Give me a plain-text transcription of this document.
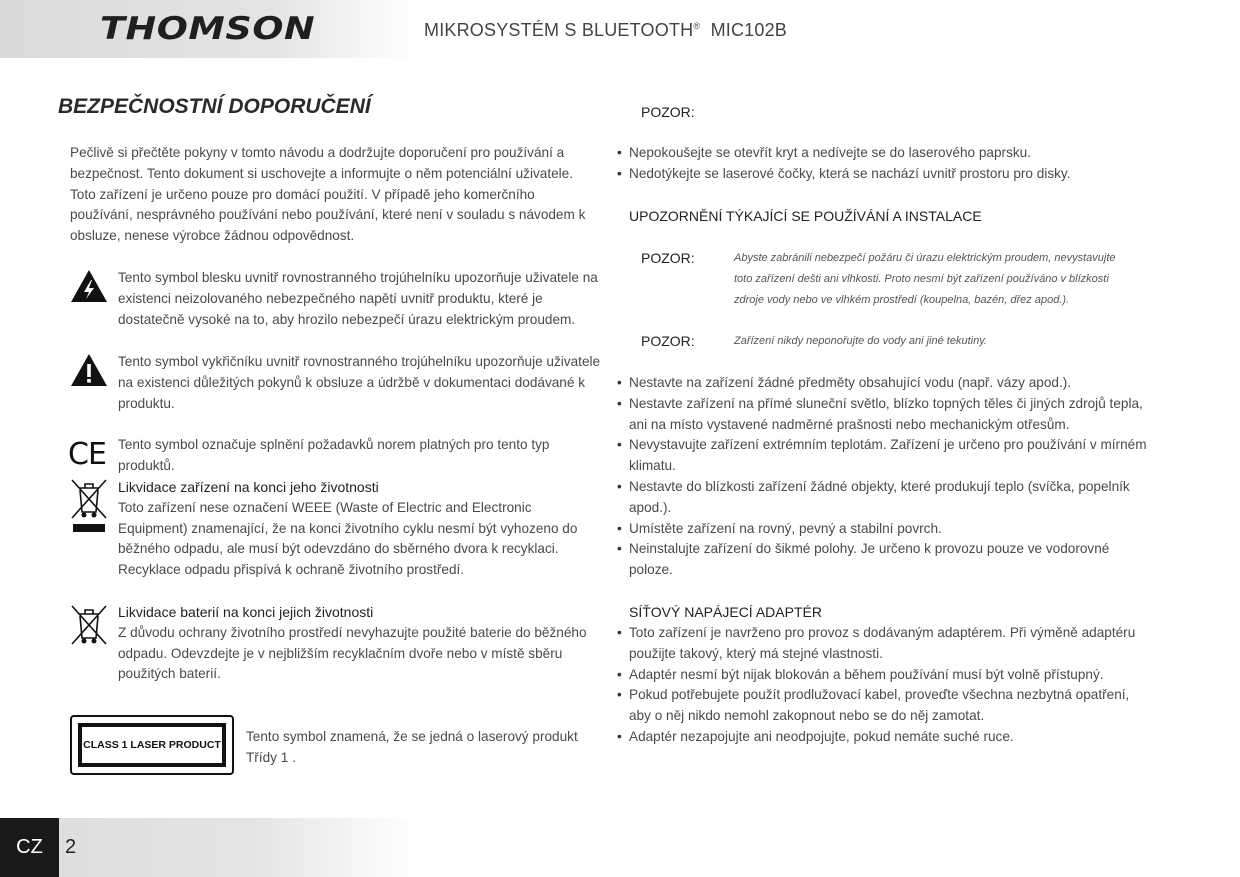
THOMSON	MIKROSYSTÉM S BLUETOOTH® MIC102B
BEZPEČNOSTNÍ DOPORUČENÍ
Pečlivě si přečtěte pokyny v tomto návodu a dodržujte doporučení pro používání a
bezpečnost. Tento dokument si uschovejte a informujte o něm potenciální uživatele.
Toto zařízení je určeno pouze pro domácí použití. V případě jeho komerčního
používání, nesprávného používání nebo používání, které není v souladu s návodem k
obsluze, nenese výrobce žádnou odpovědnost.
Tento symbol blesku uvnitř rovnostranného trojúhelníku upozorňuje uživatele na
existenci neizolovaného nebezpečného napětí uvnitř produktu, které je
dostatečně vysoké na to, aby hrozilo nebezpečí úrazu elektrickým proudem.
Tento symbol vykřičníku uvnitř rovnostranného trojúhelníku upozorňuje uživatele
na existenci důležitých pokynů k obsluze a údržbě v dokumentaci dodávané k
produktu.
CE Tento symbol označuje splnění požadavků norem platných pro tento typ produktů.
Likvidace zařízení na konci jeho životnosti
Toto zařízení nese označení WEEE (Waste of Electric and Electronic
Equipment) znamenající, že na konci životního cyklu nesmí být vyhozeno do
běžného odpadu, ale musí být odevzdáno do sběrného dvora k recyklaci.
Recyklace odpadu přispívá k ochraně životního prostředí.
Likvidace baterií na konci jejich životnosti
Z důvodu ochrany životního prostředí nevyhazujte použité baterie do běžného
odpadu. Odevzdejte je v nejbližším recyklačním dvoře nebo v místě sběru
použitých baterií.
CLASS 1 LASER PRODUCT
Tento symbol znamená, že se jedná o laserový produkt
Třídy 1 .
POZOR:
• Nepokoušejte se otevřít kryt a nedívejte se do laserového paprsku.
• Nedotýkejte se laserové čočky, která se nachází uvnitř prostoru pro disky.
UPOZORNĚNÍ TÝKAJÍCÍ SE POUŽÍVÁNÍ A INSTALACE
POZOR:	Abyste zabránili nebezpečí požáru či úrazu elektrickým proudem, nevystavujte
toto zařízení dešti ani vlhkosti. Proto nesmí být zařízení používáno v blízkosti
zdroje vody nebo ve vlhkém prostředí (koupelna, bazén, dřez apod.).
POZOR:	Zařízení nikdy neponořujte do vody ani jiné tekutiny.
• Nestavte na zařízení žádné předměty obsahující vodu (např. vázy apod.).
• Nestavte zařízení na přímé sluneční světlo, blízko topných těles či jiných zdrojů tepla,
ani na místo vystavené nadměrné prašnosti nebo mechanickým otřesům.
• Nevystavujte zařízení extrémním teplotám. Zařízení je určeno pro používání v mírném
klimatu.
• Nestavte do blízkosti zařízení žádné objekty, které produkují teplo (svíčka, popelník
apod.).
• Umístěte zařízení na rovný, pevný a stabilní povrch.
• Neinstalujte zařízení do šikmé polohy. Je určeno k provozu pouze ve vodorovné
poloze.
SÍŤOVÝ NAPÁJECÍ ADAPTÉR
• Toto zařízení je navrženo pro provoz s dodávaným adaptérem. Při výměně adaptéru
použijte takový, který má stejné vlastnosti.
• Adaptér nesmí být nijak blokován a během používání musí být volně přístupný.
• Pokud potřebujete použít prodlužovací kabel, proveďte všechna nezbytná opatření,
aby o něj nikdo nemohl zakopnout nebo se do něj zamotat.
• Adaptér nezapojujte ani neodpojujte, pokud nemáte suché ruce.
CZ	2
